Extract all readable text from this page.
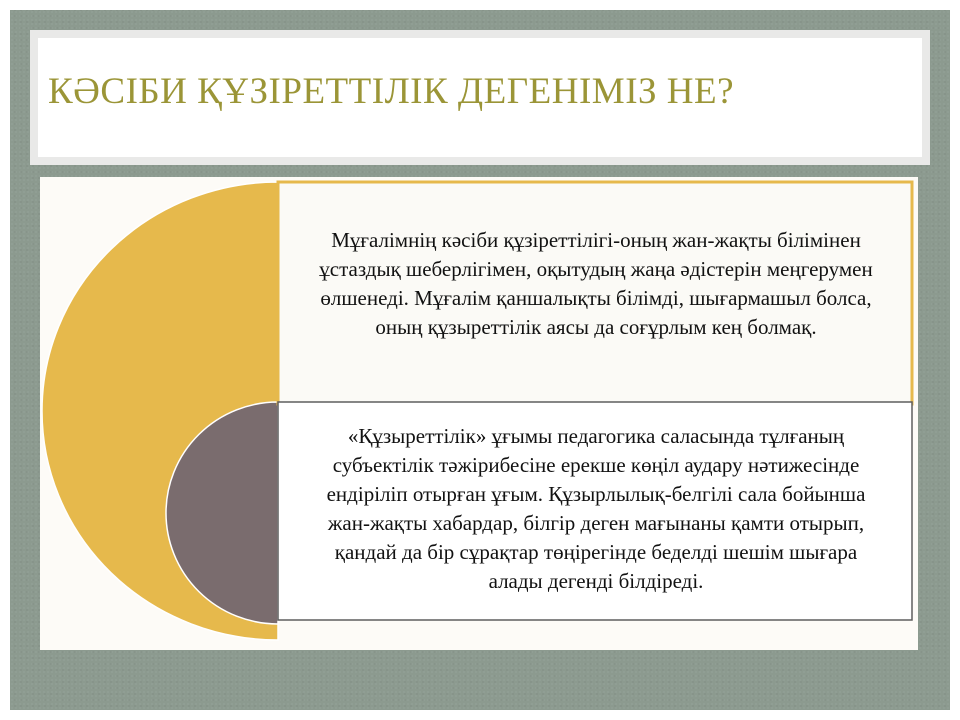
КӘСІБИ ҚҰЗІРЕТТІЛІК ДЕГЕНІМІЗ НЕ?
Мұғалімнің кәсіби құзіреттілігі-оның жан-жақты білімінен ұстаздық шеберлігімен, оқытудың жаңа әдістерін меңгерумен өлшенеді. Мұғалім қаншалықты білімді, шығармашыл болса, оның құзыреттілік аясы да соғұрлым кең болмақ.
«Құзыреттілік» ұғымы педагогика саласында тұлғаның субъектілік тәжірибесіне ерекше көңіл аудару нәтижесінде ендіріліп отырған ұғым. Құзырлылық-белгілі сала бойынша жан-жақты хабардар, білгір деген мағынаны қамти отырып, қандай да бір сұрақтар төңірегінде беделді шешім шығара алады дегенді білдіреді.
